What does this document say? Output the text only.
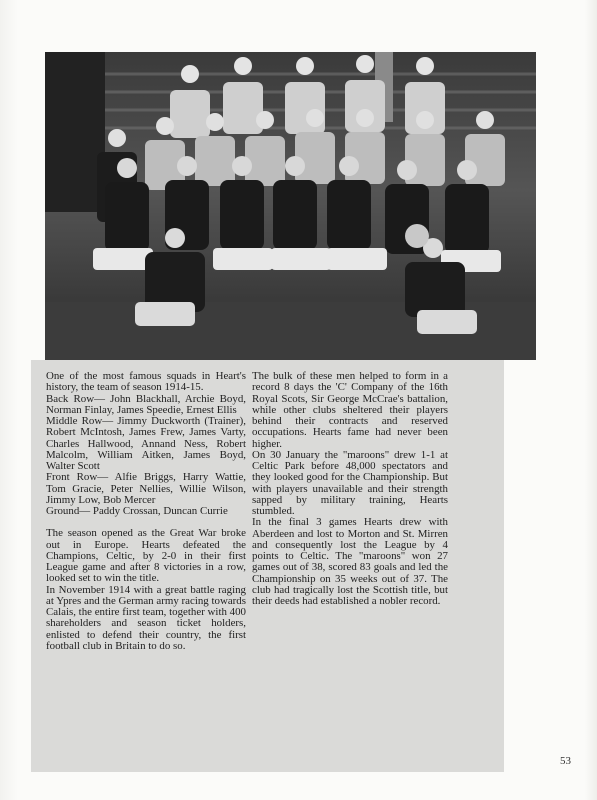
One of the most famous squads in Heart's history, the team of season 1914-15.

Back Row— John Blackhall, Archie Boyd, Norman Finlay, James Speedie, Ernest Ellis

Middle Row— Jimmy Duckworth (Trainer), Robert McIntosh, James Frew, James Varty, Charles Hallwood, Annand Ness, Robert Malcolm, William Aitken, James Boyd, Walter Scott

Front Row— Alfie Briggs, Harry Wattie, Tom Gracie, Peter Nellies, Willie Wilson, Jimmy Low, Bob Mercer

Ground— Paddy Crossan, Duncan Currie

The season opened as the Great War broke out in Europe. Hearts defeated the Champions, Celtic, by 2-0 in their first League game and after 8 victories in a row, looked set to win the title.

In November 1914 with a great battle raging at Ypres and the German army racing towards Calais, the entire first team, together with 400 shareholders and season ticket holders, enlisted to defend their country, the first football club in Britain to do so.

The bulk of these men helped to form in a record 8 days the 'C' Company of the 16th Royal Scots, Sir George McCrae's battalion, while other clubs sheltered their players behind their contracts and reserved occupations. Hearts fame had never been higher.

On 30 January the "maroons" drew 1-1 at Celtic Park before 48,000 spectators and they looked good for the Championship. But with players unavailable and their strength sapped by military training, Hearts stumbled.

In the final 3 games Hearts drew with Aberdeen and lost to Morton and St. Mirren and consequently lost the League by 4 points to Celtic. The "maroons" won 27 games out of 38, scored 83 goals and led the Championship on 35 weeks out of 37. The club had tragically lost the Scottish title, but their deeds had established a nobler record.

53
